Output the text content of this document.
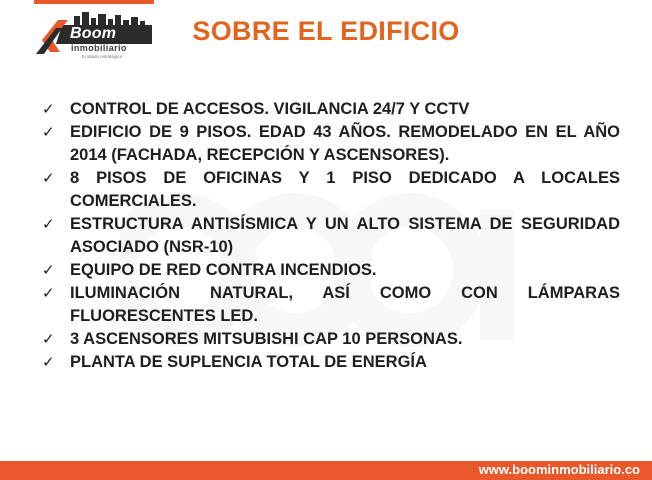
Boom
inmobiliario
tu aliado estratégico
SOBRE EL EDIFICIO
✓ CONTROL DE ACCESOS. VIGILANCIA 24/7 Y CCTV
✓ EDIFICIO DE 9 PISOS. EDAD 43 AÑOS. REMODELADO EN EL AÑO 2014 (FACHADA, RECEPCIÓN Y ASCENSORES).
✓ 8 PISOS DE OFICINAS Y 1 PISO DEDICADO A LOCALES COMERCIALES.
✓ ESTRUCTURA ANTISÍSMICA Y UN ALTO SISTEMA DE SEGURIDAD ASOCIADO (NSR-10)
✓ EQUIPO DE RED CONTRA INCENDIOS.
✓ ILUMINACIÓN NATURAL, ASÍ COMO CON LÁMPARAS FLUORESCENTES LED.
✓ 3 ASCENSORES MITSUBISHI CAP 10 PERSONAS.
✓ PLANTA DE SUPLENCIA TOTAL DE ENERGÍA
www.boominmobiliario.co
